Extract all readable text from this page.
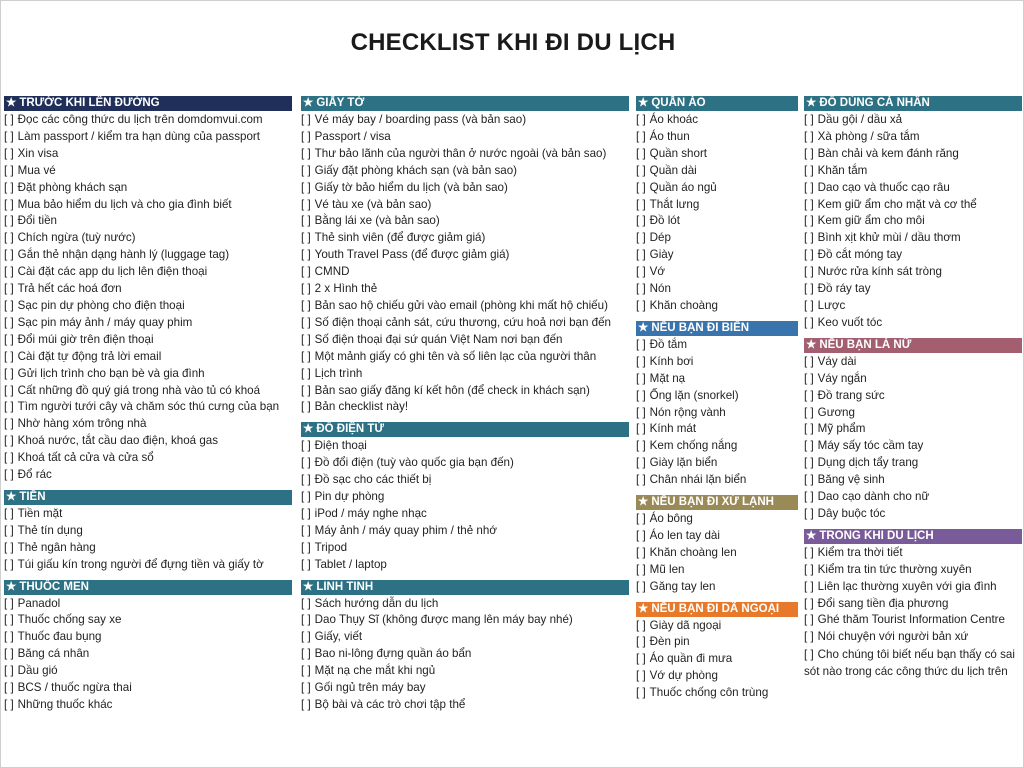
CHECKLIST KHI ĐI DU LỊCH
★ TRƯỚC KHI LÊN ĐƯỜNG
[ ] Đọc các công thức du lịch trên domdomvui.com
[ ] Làm passport / kiểm tra hạn dùng của passport
[ ] Xin visa
[ ] Mua vé
[ ] Đặt phòng khách sạn
[ ] Mua bảo hiểm du lịch và cho gia đình biết
[ ] Đổi tiền
[ ] Chích ngừa (tuỳ nước)
[ ] Gắn thẻ nhận dạng hành lý (luggage tag)
[ ] Cài đặt các app du lịch lên điện thoại
[ ] Trả hết các hoá đơn
[ ] Sạc pin dự phòng cho điện thoại
[ ] Sạc pin máy ảnh / máy quay phim
[ ] Đổi múi giờ trên điện thoại
[ ] Cài đặt tự động trả lời email
[ ] Gửi lịch trình cho bạn bè và gia đình
[ ] Cất những đồ quý giá trong nhà vào tủ có khoá
[ ] Tìm người tưới cây và chăm sóc thú cưng của bạn
[ ] Nhờ hàng xóm trông nhà
[ ] Khoá nước, tắt cầu dao điện, khoá gas
[ ] Khoá tất cả cửa và cửa sổ
[ ] Đổ rác
★ TIỀN
[ ] Tiền mặt
[ ] Thẻ tín dụng
[ ] Thẻ ngân hàng
[ ] Túi giấu kín trong người để đựng tiền và giấy tờ
★ THUỐC MEN
[ ] Panadol
[ ] Thuốc chống say xe
[ ] Thuốc đau bụng
[ ] Băng cá nhân
[ ] Dầu gió
[ ] BCS / thuốc ngừa thai
[ ] Những thuốc khác
★ GIẤY TỜ
[ ] Vé máy bay / boarding pass (và bản sao)
[ ] Passport / visa
[ ] Thư bảo lãnh của người thân ở nước ngoài (và bản sao)
[ ] Giấy đặt phòng khách sạn (và bản sao)
[ ] Giấy tờ bảo hiểm du lịch (và bản sao)
[ ] Vé tàu xe (và bản sao)
[ ] Bằng lái xe (và bản sao)
[ ] Thẻ sinh viên (để được giảm giá)
[ ] Youth Travel Pass (để được giảm giá)
[ ] CMND
[ ] 2 x Hình thẻ
[ ] Bản sao hộ chiếu gửi vào email (phòng khi mất hộ chiếu)
[ ] Số điện thoại cảnh sát, cứu thương, cứu hoả nơi bạn đến
[ ] Số điện thoại đại sứ quán Việt Nam nơi bạn đến
[ ] Một mảnh giấy có ghi tên và số liên lạc của người thân
[ ] Lịch trình
[ ] Bản sao giấy đăng kí kết hôn (để check in khách sạn)
[ ] Bản checklist này!
★ ĐỒ ĐIỆN TỬ
[ ] Điện thoại
[ ] Đồ đổi điện (tuỳ vào quốc gia bạn đến)
[ ] Đồ sạc cho các thiết bị
[ ] Pin dự phòng
[ ] iPod / máy nghe nhạc
[ ] Máy ảnh / máy quay phim / thẻ nhớ
[ ] Tripod
[ ] Tablet / laptop
★ LINH TINH
[ ] Sách hướng dẫn du lịch
[ ] Dao Thụy Sĩ (không được mang lên máy bay nhé)
[ ] Giấy, viết
[ ] Bao ni-lông đựng quần áo bẩn
[ ] Mặt nạ che mắt khi ngủ
[ ] Gối ngủ trên máy bay
[ ] Bộ bài và các trò chơi tập thể
★ QUẦN ÁO
[ ] Áo khoác
[ ] Áo thun
[ ] Quần short
[ ] Quần dài
[ ] Quần áo ngủ
[ ] Thắt lưng
[ ] Đồ lót
[ ] Dép
[ ] Giày
[ ] Vớ
[ ] Nón
[ ] Khăn choàng
★ NẾU BẠN ĐI BIỂN
[ ] Đồ tắm
[ ] Kính bơi
[ ] Mặt nạ
[ ] Ống lặn (snorkel)
[ ] Nón rộng vành
[ ] Kính mát
[ ] Kem chống nắng
[ ] Giày lặn biển
[ ] Chân nhái lặn biển
★ NẾU BẠN ĐI XỨ LẠNH
[ ] Áo bông
[ ] Áo len tay dài
[ ] Khăn choàng len
[ ] Mũ len
[ ] Găng tay len
★ NẾU BẠN ĐI DÃ NGOẠI
[ ] Giày dã ngoại
[ ] Đèn pin
[ ] Áo quần đi mưa
[ ] Vớ dự phòng
[ ] Thuốc chống côn trùng
★ ĐỒ DÙNG CÁ NHÂN
[ ] Dầu gội / dầu xả
[ ] Xà phòng / sữa tắm
[ ] Bàn chải và kem đánh răng
[ ] Khăn tắm
[ ] Dao cạo và thuốc cạo râu
[ ] Kem giữ ẩm cho mặt và cơ thể
[ ] Kem giữ ẩm cho môi
[ ] Bình xịt khử mùi / dầu thơm
[ ] Đồ cắt móng tay
[ ] Nước rửa kính sát tròng
[ ] Đồ ráy tay
[ ] Lược
[ ] Keo vuốt tóc
★ NẾU BẠN LÀ NỮ
[ ] Váy dài
[ ] Váy ngắn
[ ] Đồ trang sức
[ ] Gương
[ ] Mỹ phẩm
[ ] Máy sấy tóc cầm tay
[ ] Dụng dịch tẩy trang
[ ] Băng vệ sinh
[ ] Dao cạo dành cho nữ
[ ] Dây buộc tóc
★ TRONG KHI DU LỊCH
[ ] Kiểm tra thời tiết
[ ] Kiểm tra tin tức thường xuyên
[ ] Liên lạc thường xuyên với gia đình
[ ] Đổi sang tiền địa phương
[ ] Ghé thăm Tourist Information Centre
[ ] Nói chuyện với người bản xứ
[ ] Cho chúng tôi biết nếu bạn thấy có sai sót nào trong các công thức du lịch trên
